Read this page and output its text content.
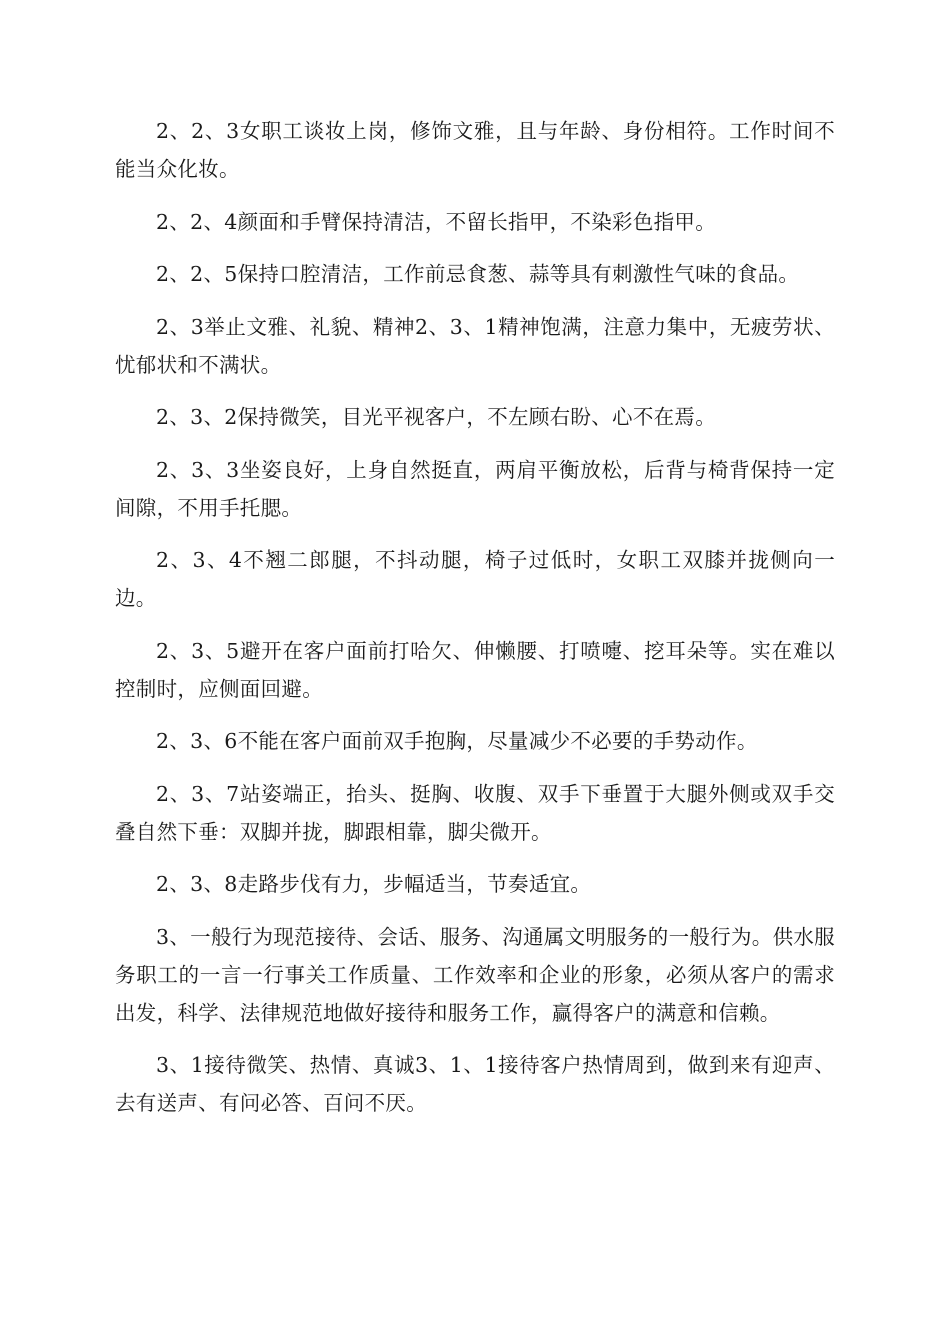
2、2、3女职工谈妆上岗，修饰文雅，且与年龄、身份相符。工作时间不能当众化妆。

2、2、4颜面和手臂保持清洁，不留长指甲，不染彩色指甲。

2、2、5保持口腔清洁，工作前忌食葱、蒜等具有刺激性气味的食品。

2、3举止文雅、礼貌、精神2、3、1精神饱满，注意力集中，无疲劳状、忧郁状和不满状。

2、3、2保持微笑，目光平视客户，不左顾右盼、心不在焉。

2、3、3坐姿良好，上身自然挺直，两肩平衡放松，后背与椅背保持一定间隙，不用手托腮。

2、3、4不翘二郎腿，不抖动腿，椅子过低时，女职工双膝并拢侧向一边。

2、3、5避开在客户面前打哈欠、伸懒腰、打喷嚏、挖耳朵等。实在难以控制时，应侧面回避。

2、3、6不能在客户面前双手抱胸，尽量减少不必要的手势动作。

2、3、7站姿端正，抬头、挺胸、收腹、双手下垂置于大腿外侧或双手交叠自然下垂：双脚并拢，脚跟相靠，脚尖微开。

2、3、8走路步伐有力，步幅适当，节奏适宜。

3、一般行为现范接待、会话、服务、沟通属文明服务的一般行为。供水服务职工的一言一行事关工作质量、工作效率和企业的形象，必须从客户的需求出发，科学、法律规范地做好接待和服务工作，赢得客户的满意和信赖。

3、1接待微笑、热情、真诚3、1、1接待客户热情周到，做到来有迎声、去有送声、有问必答、百问不厌。
